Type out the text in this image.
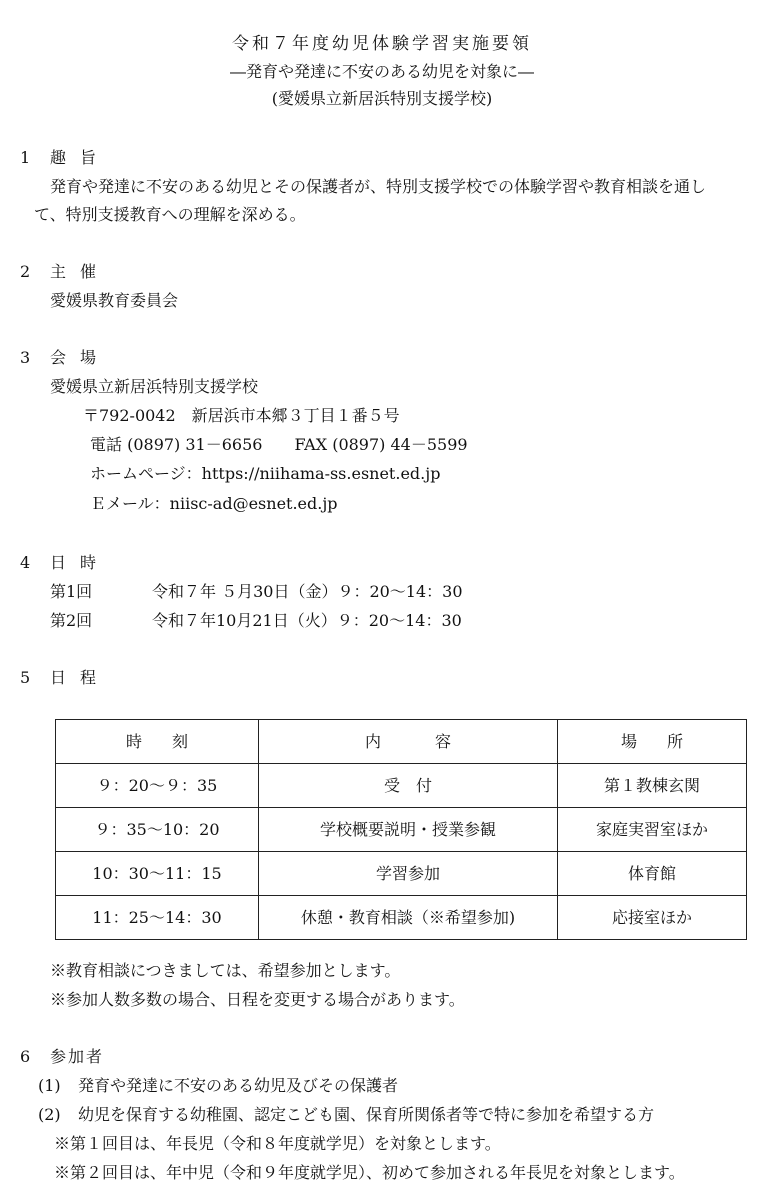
令和７年度幼児体験学習実施要領
―発育や発達に不安のある幼児を対象に―
(愛媛県立新居浜特別支援学校)
1 趣旨
発育や発達に不安のある幼児とその保護者が、特別支援学校での体験学習や教育相談を通し
て、特別支援教育への理解を深める。
2 主催
愛媛県教育委員会
3 会場
愛媛県立新居浜特別支援学校
〒792-0042　新居浜市本郷３丁目１番５号
電話 (0897) 31－6656　　FAX (0897) 44－5599
ホームページ：https://niihama-ss.esnet.ed.jp
Ｅメール：niisc-ad@esnet.ed.jp
4 日時
第1回	令和７年 ５月30日（金）９：20～14：30
第2回	令和７年10月21日（火）９：20～14：30
5 日程
時刻	内容	場所
９：20～９：35	受　付	第１教棟玄関
９：35～10：20	学校概要説明・授業参観	家庭実習室ほか
10：30～11：15	学習参加	体育館
11：25～14：30	休憩・教育相談（※希望参加)	応接室ほか
※教育相談につきましては、希望参加とします。
※参加人数多数の場合、日程を変更する場合があります。
6 参加者
(1) 発育や発達に不安のある幼児及びその保護者
(2) 幼児を保育する幼稚園、認定こども園、保育所関係者等で特に参加を希望する方
※第１回目は、年長児（令和８年度就学児）を対象とします。
※第２回目は、年中児（令和９年度就学児）、初めて参加される年長児を対象とします。
